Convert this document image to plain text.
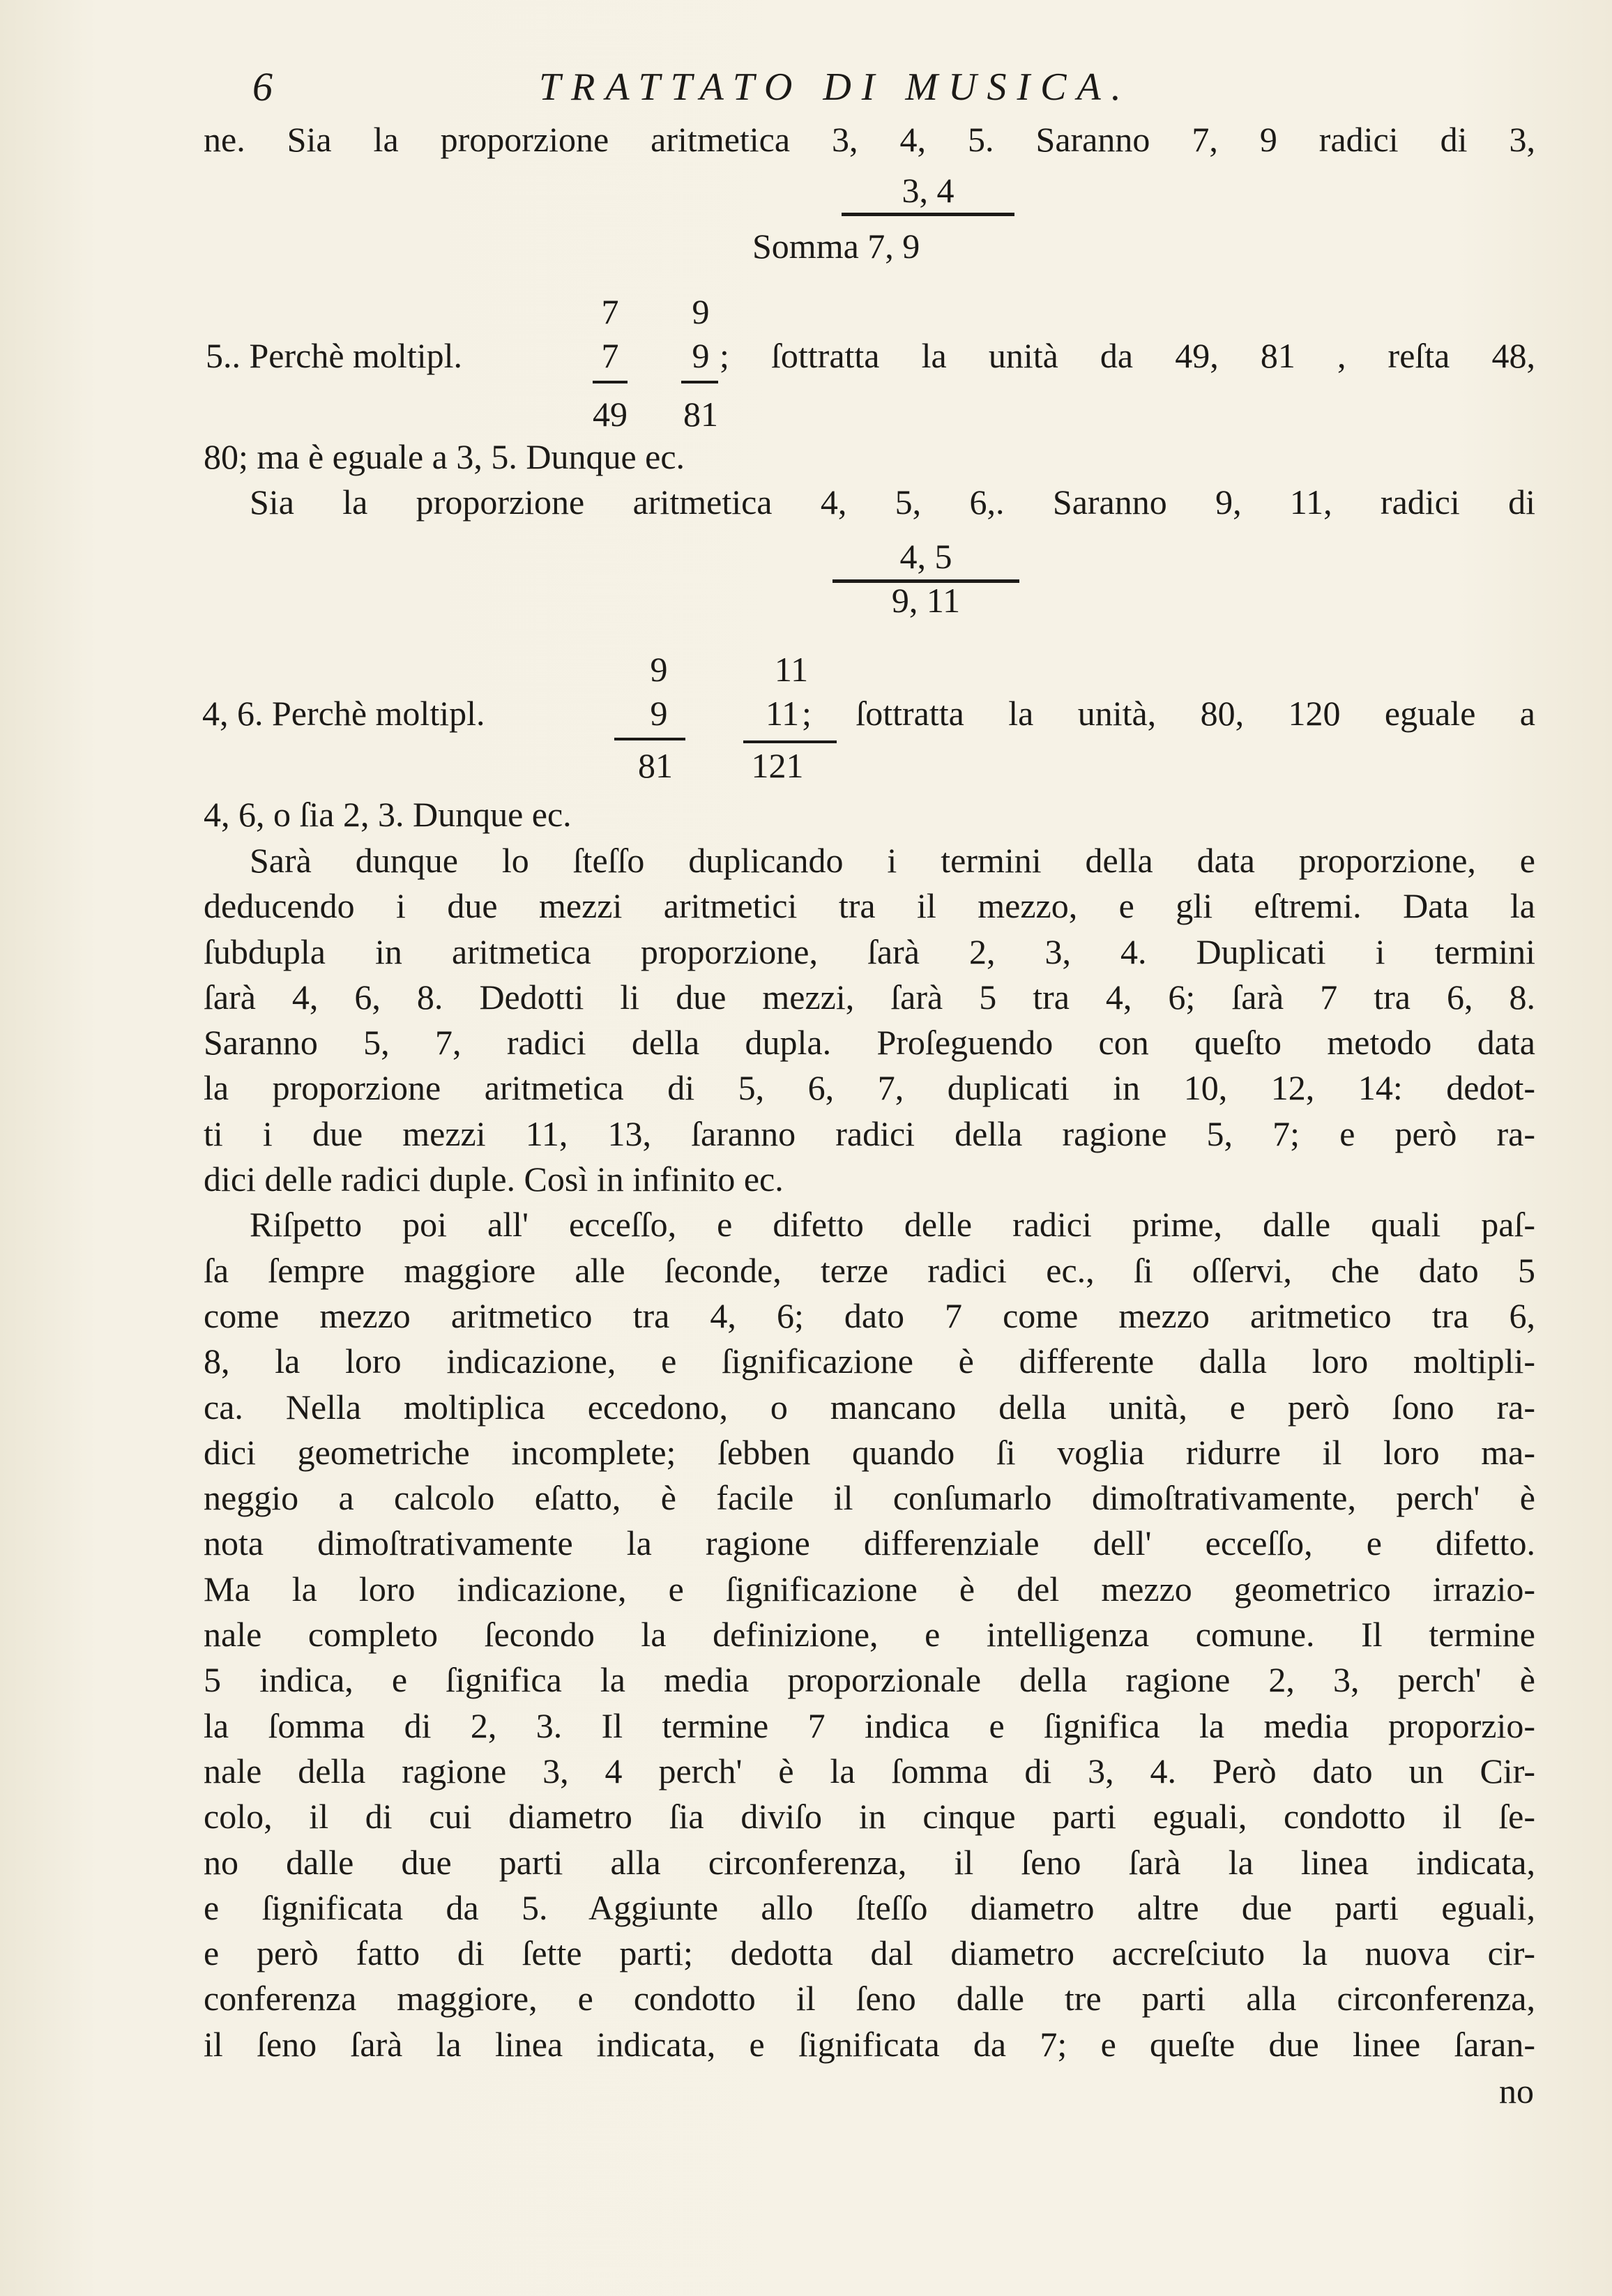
6	TRATTATO DI MUSICA.
ne. Sia la proporzione aritmetica 3, 4, 5. Saranno 7, 9 radici di 3,
3, 4
Somma 7, 9
7	9
5.. Perchè moltipl.	7	9 ; ſottratta la unità da 49, 81 , reſta 48,
49	81
80; ma è eguale a 3, 5. Dunque ec.
Sia la proporzione aritmetica 4, 5, 6,. Saranno 9, 11, radici di
4, 5
9, 11
9	11
4, 6. Perchè moltipl.	9	11 ; ſottratta la unità, 80, 120 eguale a
81	121
4, 6, o ſia 2, 3. Dunque ec.
Sarà dunque lo ſteſſo duplicando i termini della data proporzione, e
deducendo i due mezzi aritmetici tra il mezzo, e gli eſtremi. Data la
ſubdupla in aritmetica proporzione, ſarà 2, 3, 4. Duplicati i termini
ſarà 4, 6, 8. Dedotti li due mezzi, ſarà 5 tra 4, 6; ſarà 7 tra 6, 8.
Saranno 5, 7, radici della dupla. Proſeguendo con queſto metodo data
la proporzione aritmetica di 5, 6, 7, duplicati in 10, 12, 14: dedot-
ti i due mezzi 11, 13, ſaranno radici della ragione 5, 7; e però ra-
dici delle radici duple. Così in infinito ec.
Riſpetto poi all' ecceſſo, e difetto delle radici prime, dalle quali paſ-
ſa ſempre maggiore alle ſeconde, terze radici ec., ſi oſſervi, che dato 5
come mezzo aritmetico tra 4, 6; dato 7 come mezzo aritmetico tra 6,
8, la loro indicazione, e ſignificazione è differente dalla loro moltipli-
ca. Nella moltiplica eccedono, o mancano della unità, e però ſono ra-
dici geometriche incomplete; ſebben quando ſi voglia ridurre il loro ma-
neggio a calcolo eſatto, è facile il conſumarlo dimoſtrativamente, perch' è
nota dimoſtrativamente la ragione differenziale dell' ecceſſo, e difetto.
Ma la loro indicazione, e ſignificazione è del mezzo geometrico irrazio-
nale completo ſecondo la definizione, e intelligenza comune. Il termine
5 indica, e ſignifica la media proporzionale della ragione 2, 3, perch' è
la ſomma di 2, 3. Il termine 7 indica e ſignifica la media proporzio-
nale della ragione 3, 4 perch' è la ſomma di 3, 4. Però dato un Cir-
colo, il di cui diametro ſia diviſo in cinque parti eguali, condotto il ſe-
no dalle due parti alla circonferenza, il ſeno ſarà la linea indicata,
e ſignificata da 5. Aggiunte allo ſteſſo diametro altre due parti eguali,
e però fatto di ſette parti; dedotta dal diametro accreſciuto la nuova cir-
conferenza maggiore, e condotto il ſeno dalle tre parti alla circonferenza,
il ſeno ſarà la linea indicata, e ſignificata da 7; e queſte due linee ſaran-
no
